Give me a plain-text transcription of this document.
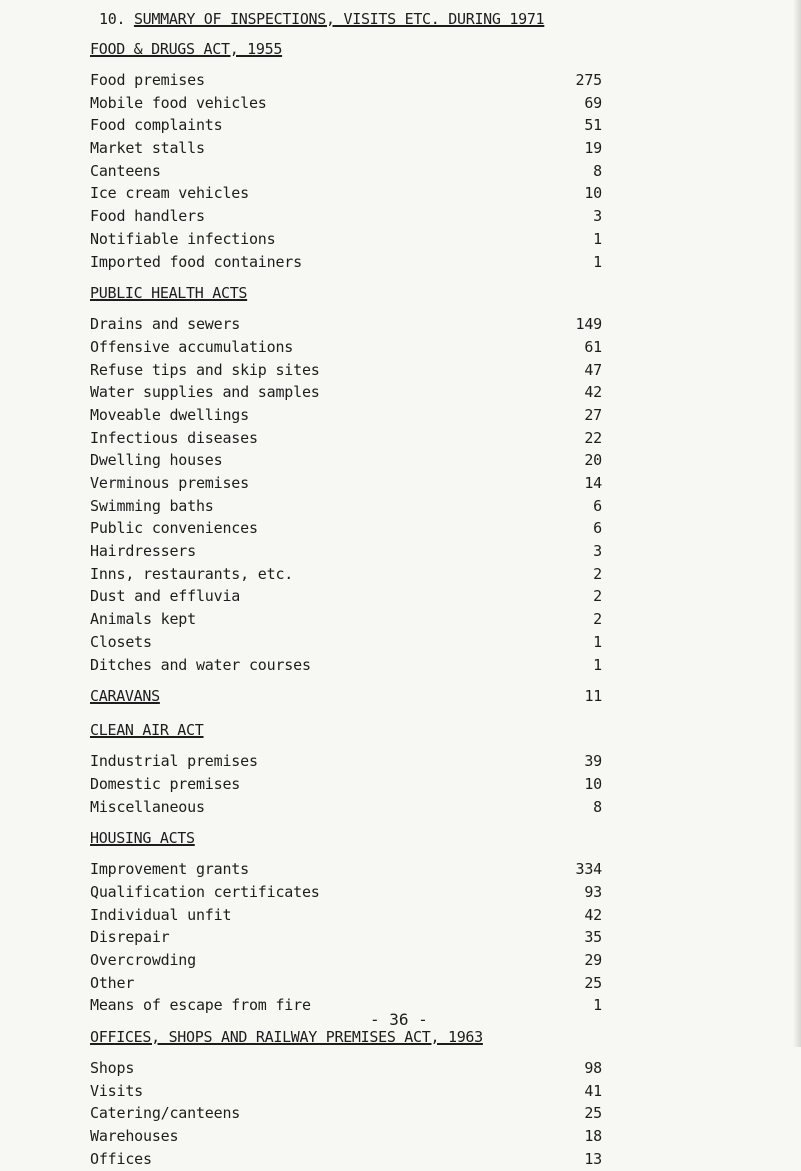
10. SUMMARY OF INSPECTIONS, VISITS ETC. DURING 1971
FOOD & DRUGS ACT, 1955
Food premises	275
Mobile food vehicles	69
Food complaints	51
Market stalls	19
Canteens	8
Ice cream vehicles	10
Food handlers	3
Notifiable infections	1
Imported food containers	1
PUBLIC HEALTH ACTS
Drains and sewers	149
Offensive accumulations	61
Refuse tips and skip sites	47
Water supplies and samples	42
Moveable dwellings	27
Infectious diseases	22
Dwelling houses	20
Verminous premises	14
Swimming baths	6
Public conveniences	6
Hairdressers	3
Inns, restaurants, etc.	2
Dust and effluvia	2
Animals kept	2
Closets	1
Ditches and water courses	1
CARAVANS	11
CLEAN AIR ACT
Industrial premises	39
Domestic premises	10
Miscellaneous	8
HOUSING ACTS
Improvement grants	334
Qualification certificates	93
Individual unfit	42
Disrepair	35
Overcrowding	29
Other	25
Means of escape from fire	1
OFFICES, SHOPS AND RAILWAY PREMISES ACT, 1963
Shops	98
Visits	41
Catering/canteens	25
Warehouses	18
Offices	13
- 36 -
